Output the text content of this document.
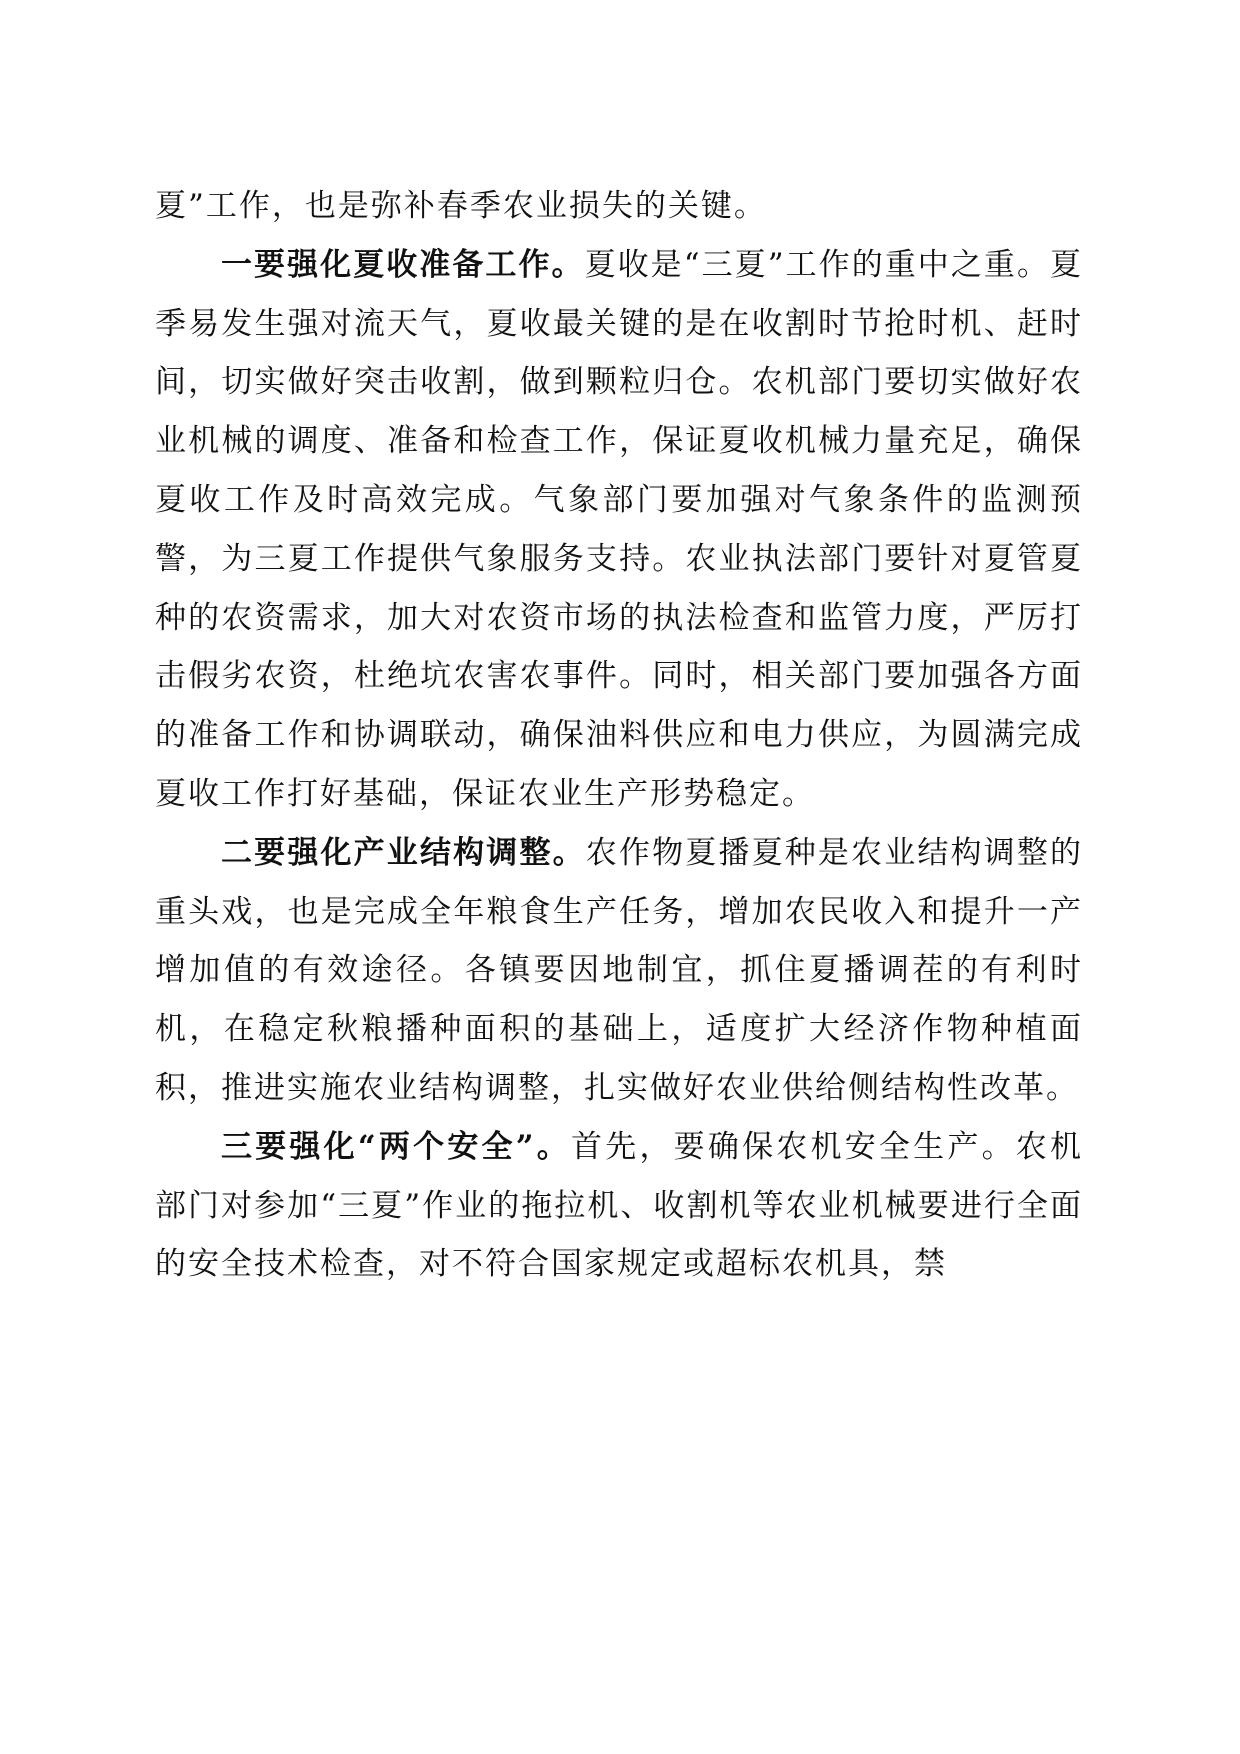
夏”工作，也是弥补春季农业损失的关键。

一要强化夏收准备工作。夏收是“三夏”工作的重中之重。夏季易发生强对流天气，夏收最关键的是在收割时节抢时机、赶时间，切实做好突击收割，做到颗粒归仓。农机部门要切实做好农业机械的调度、准备和检查工作，保证夏收机械力量充足，确保夏收工作及时高效完成。气象部门要加强对气象条件的监测预警，为三夏工作提供气象服务支持。农业执法部门要针对夏管夏种的农资需求，加大对农资市场的执法检查和监管力度，严厉打击假劣农资，杜绝坑农害农事件。同时，相关部门要加强各方面的准备工作和协调联动，确保油料供应和电力供应，为圆满完成夏收工作打好基础，保证农业生产形势稳定。

二要强化产业结构调整。农作物夏播夏种是农业结构调整的重头戏，也是完成全年粮食生产任务，增加农民收入和提升一产增加值的有效途径。各镇要因地制宜，抓住夏播调茬的有利时机，在稳定秋粮播种面积的基础上，适度扩大经济作物种植面积，推进实施农业结构调整，扎实做好农业供给侧结构性改革。

三要强化“两个安全”。首先，要确保农机安全生产。农机部门对参加“三夏”作业的拖拉机、收割机等农业机械要进行全面的安全技术检查，对不符合国家规定或超标农机具，禁
